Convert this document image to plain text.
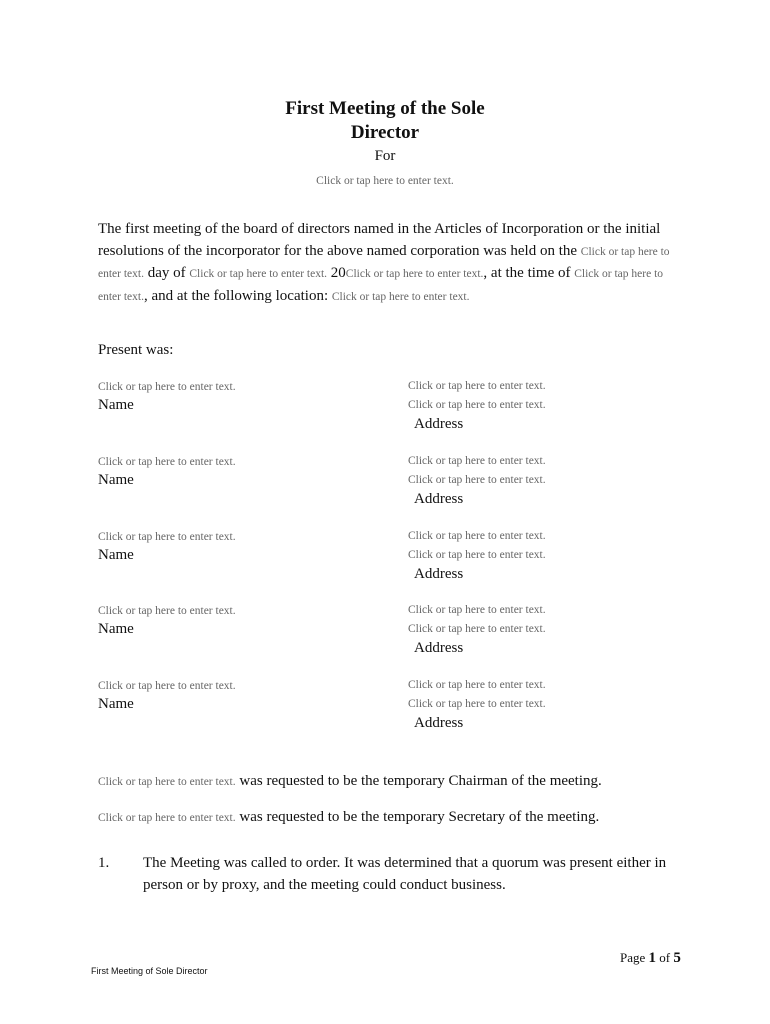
First Meeting of the Sole
Director
For
Click or tap here to enter text.
The first meeting of the board of directors named in the Articles of Incorporation or the initial resolutions of the incorporator for the above named corporation was held on the Click or tap here to enter text. day of Click or tap here to enter text. 20Click or tap here to enter text., at the time of Click or tap here to enter text., and at the following location: Click or tap here to enter text.
Present was:
Click or tap here to enter text.
Name
Click or tap here to enter text.
Click or tap here to enter text.
Address
Click or tap here to enter text.
Name
Click or tap here to enter text.
Click or tap here to enter text.
Address
Click or tap here to enter text.
Name
Click or tap here to enter text.
Click or tap here to enter text.
Address
Click or tap here to enter text.
Name
Click or tap here to enter text.
Click or tap here to enter text.
Address
Click or tap here to enter text.
Name
Click or tap here to enter text.
Click or tap here to enter text.
Address
Click or tap here to enter text. was requested to be the temporary Chairman of the meeting.
Click or tap here to enter text. was requested to be the temporary Secretary of the meeting.
1. The Meeting was called to order. It was determined that a quorum was present either in person or by proxy, and the meeting could conduct business.
Page 1 of 5
First Meeting of Sole Director
